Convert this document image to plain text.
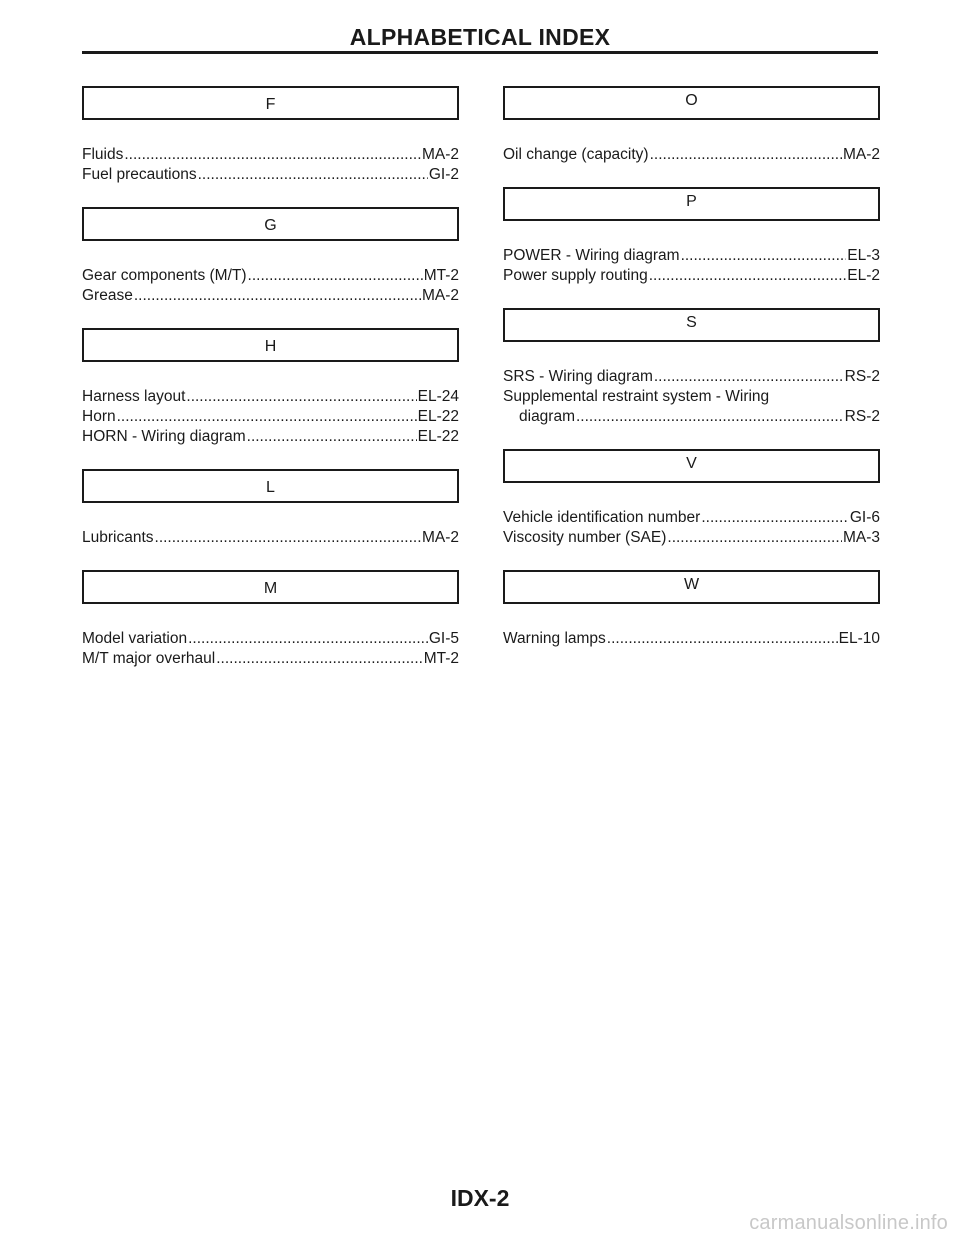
ALPHABETICAL INDEX
F
Fluids .....	MA-2
Fuel precautions .....	GI-2
G
Gear components (M/T) .....	MT-2
Grease .....	MA-2
H
Harness layout .....	EL-24
Horn .....	EL-22
HORN - Wiring diagram .....	EL-22
L
Lubricants .....	MA-2
M
Model variation .....	GI-5
M/T major overhaul .....	MT-2
O
Oil change (capacity) .....	MA-2
P
POWER - Wiring diagram .....	EL-3
Power supply routing .....	EL-2
S
SRS - Wiring diagram .....	RS-2
Supplemental restraint system - Wiring
diagram .....	RS-2
V
Vehicle identification number .....	GI-6
Viscosity number (SAE) .....	MA-3
W
Warning lamps .....	EL-10
IDX-2
carmanualsonline.info
